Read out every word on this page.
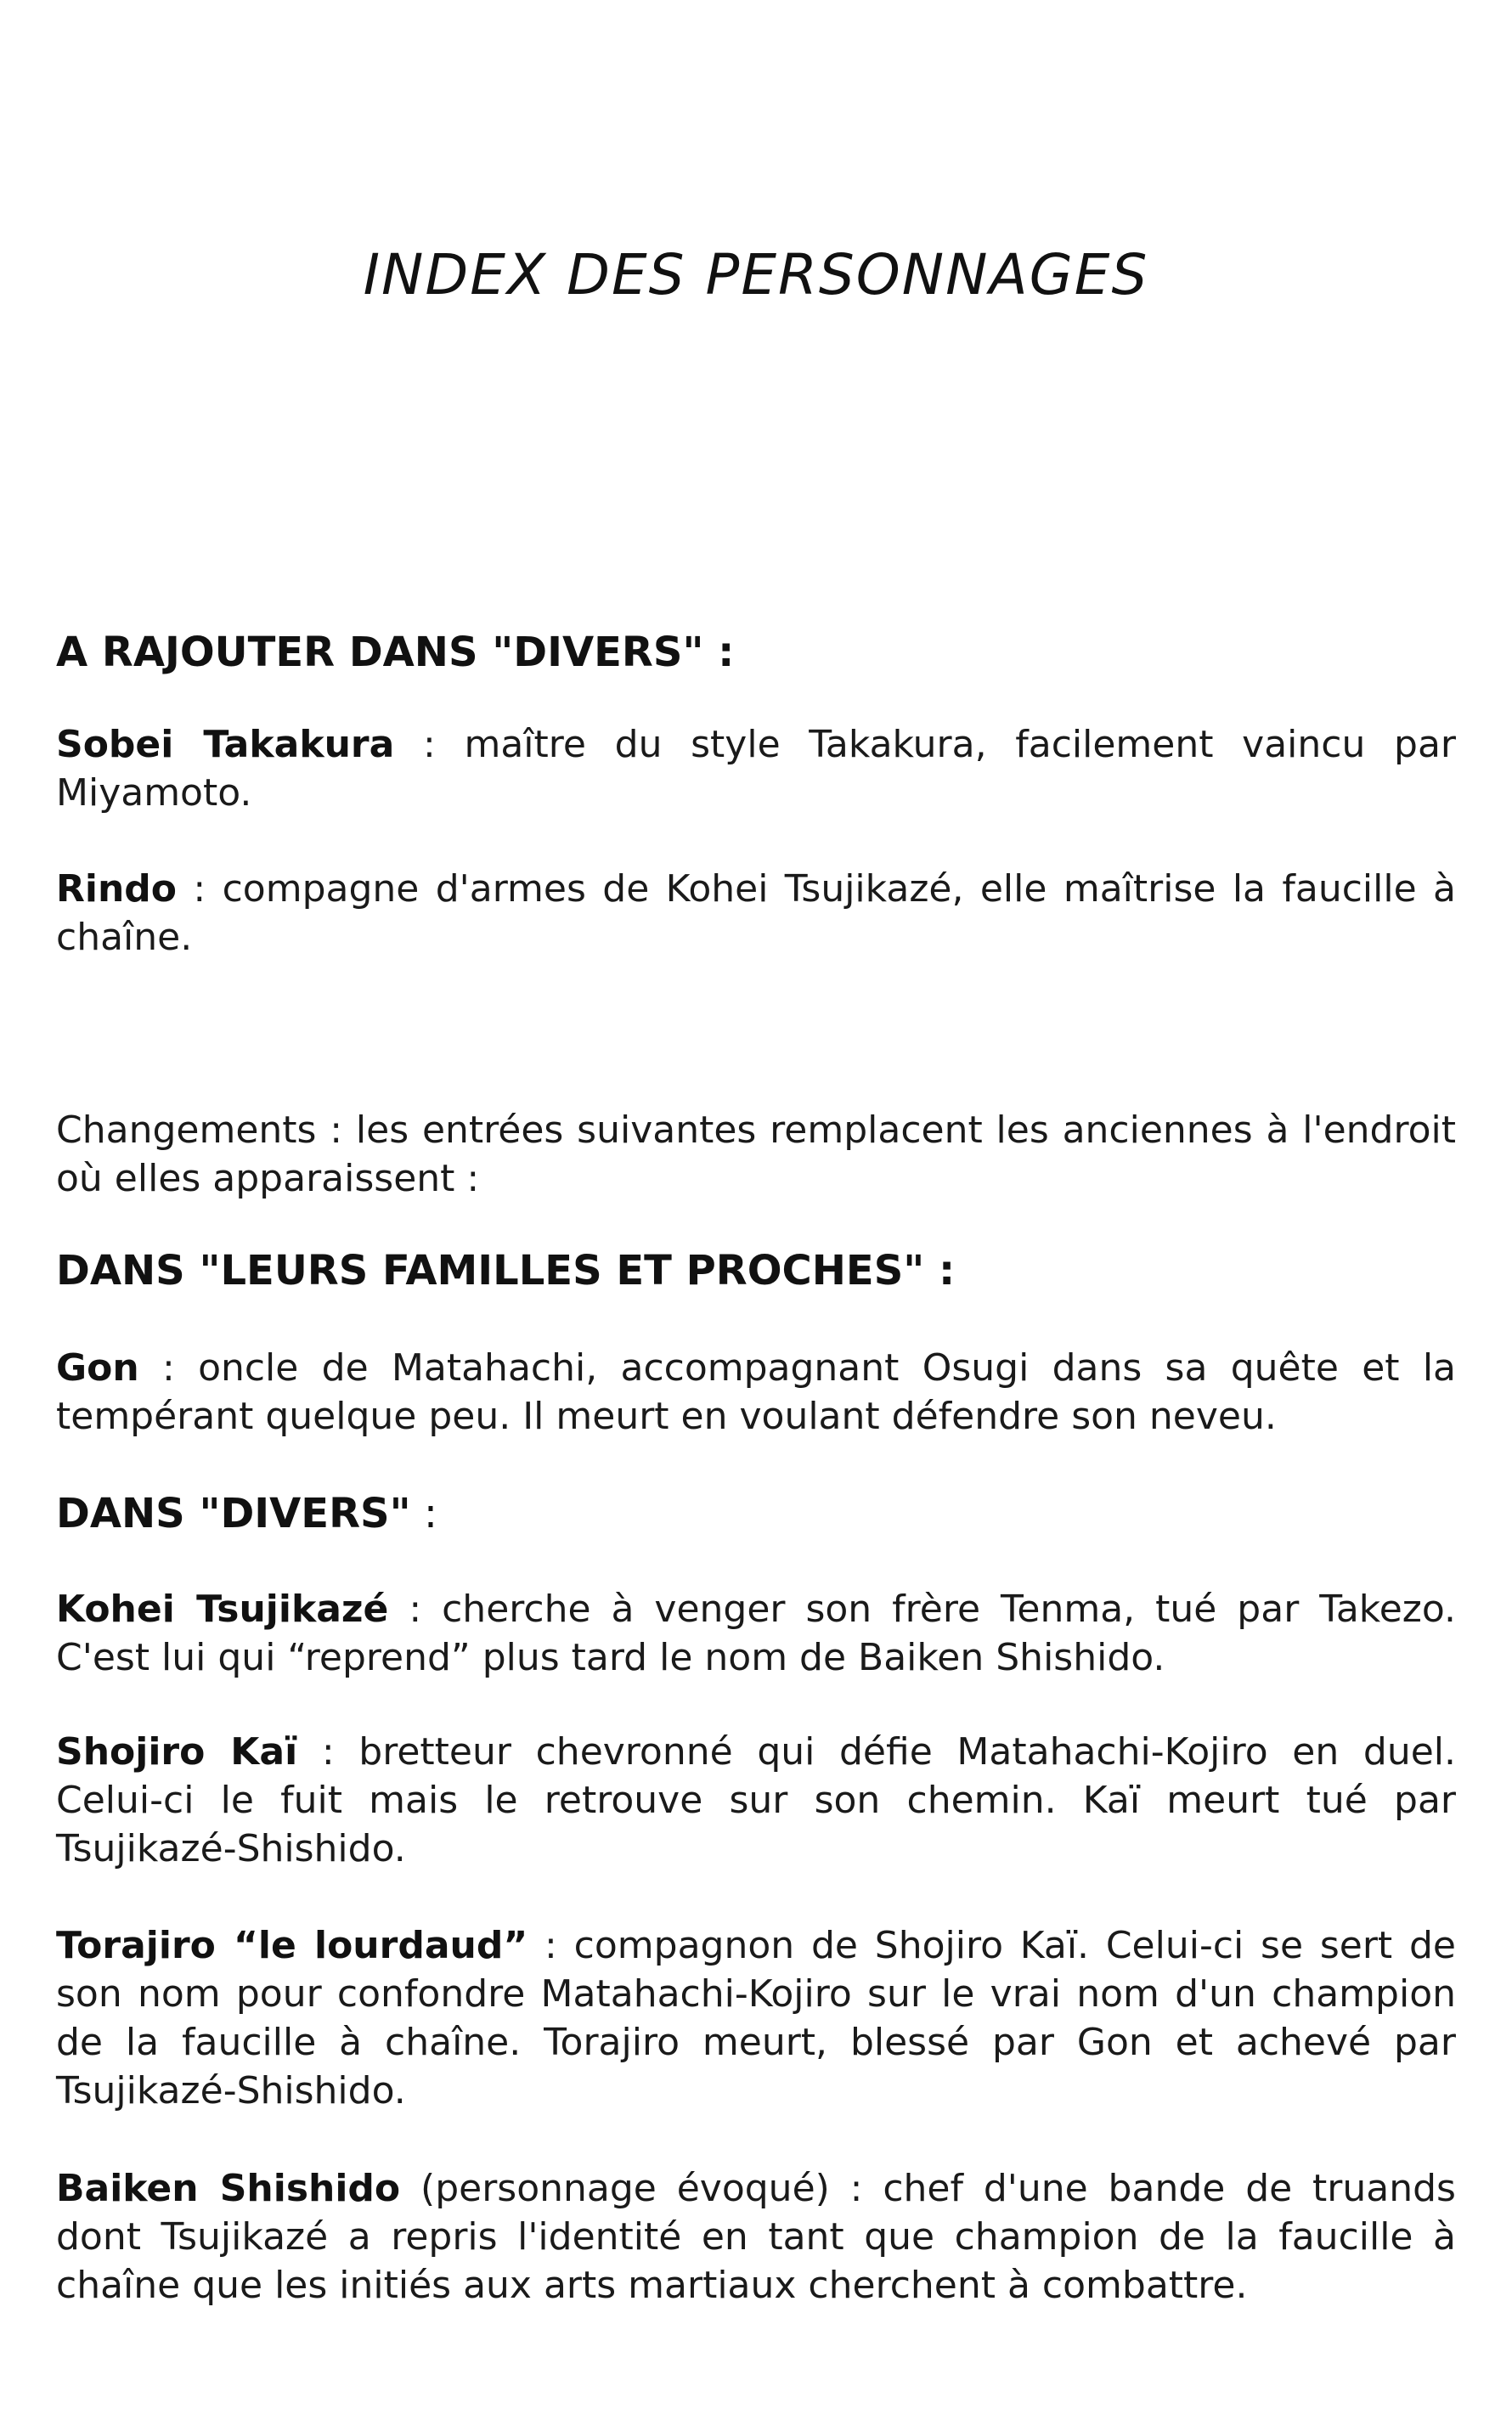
INDEX DES PERSONNAGES
A RAJOUTER DANS "DIVERS" :

Sobei Takakura : maître du style Takakura, facilement vaincu par Miyamoto.

Rindo : compagne d'armes de Kohei Tsujikazé, elle maîtrise la faucille à chaîne.

Changements : les entrées suivantes remplacent les anciennes à l'endroit où elles apparaissent :

DANS "LEURS FAMILLES ET PROCHES" :

Gon : oncle de Matahachi, accompagnant Osugi dans sa quête et la tempérant quelque peu. Il meurt en voulant défendre son neveu.

DANS "DIVERS" :

Kohei Tsujikazé : cherche à venger son frère Tenma, tué par Takezo. C'est lui qui “reprend” plus tard le nom de Baiken Shishido.

Shojiro Kaï : bretteur chevronné qui défie Matahachi-Kojiro en duel. Celui-ci le fuit mais le retrouve sur son chemin. Kaï meurt tué par Tsujikazé-Shishido.

Torajiro “le lourdaud” : compagnon de Shojiro Kaï. Celui-ci se sert de son nom pour confondre Matahachi-Kojiro sur le vrai nom d'un champion de la faucille à chaîne. Torajiro meurt, blessé par Gon et achevé par Tsujikazé-Shishido.

Baiken Shishido (personnage évoqué) : chef d'une bande de truands dont Tsujikazé a repris l'identité en tant que champion de la faucille à chaîne que les initiés aux arts martiaux cherchent à combattre.
